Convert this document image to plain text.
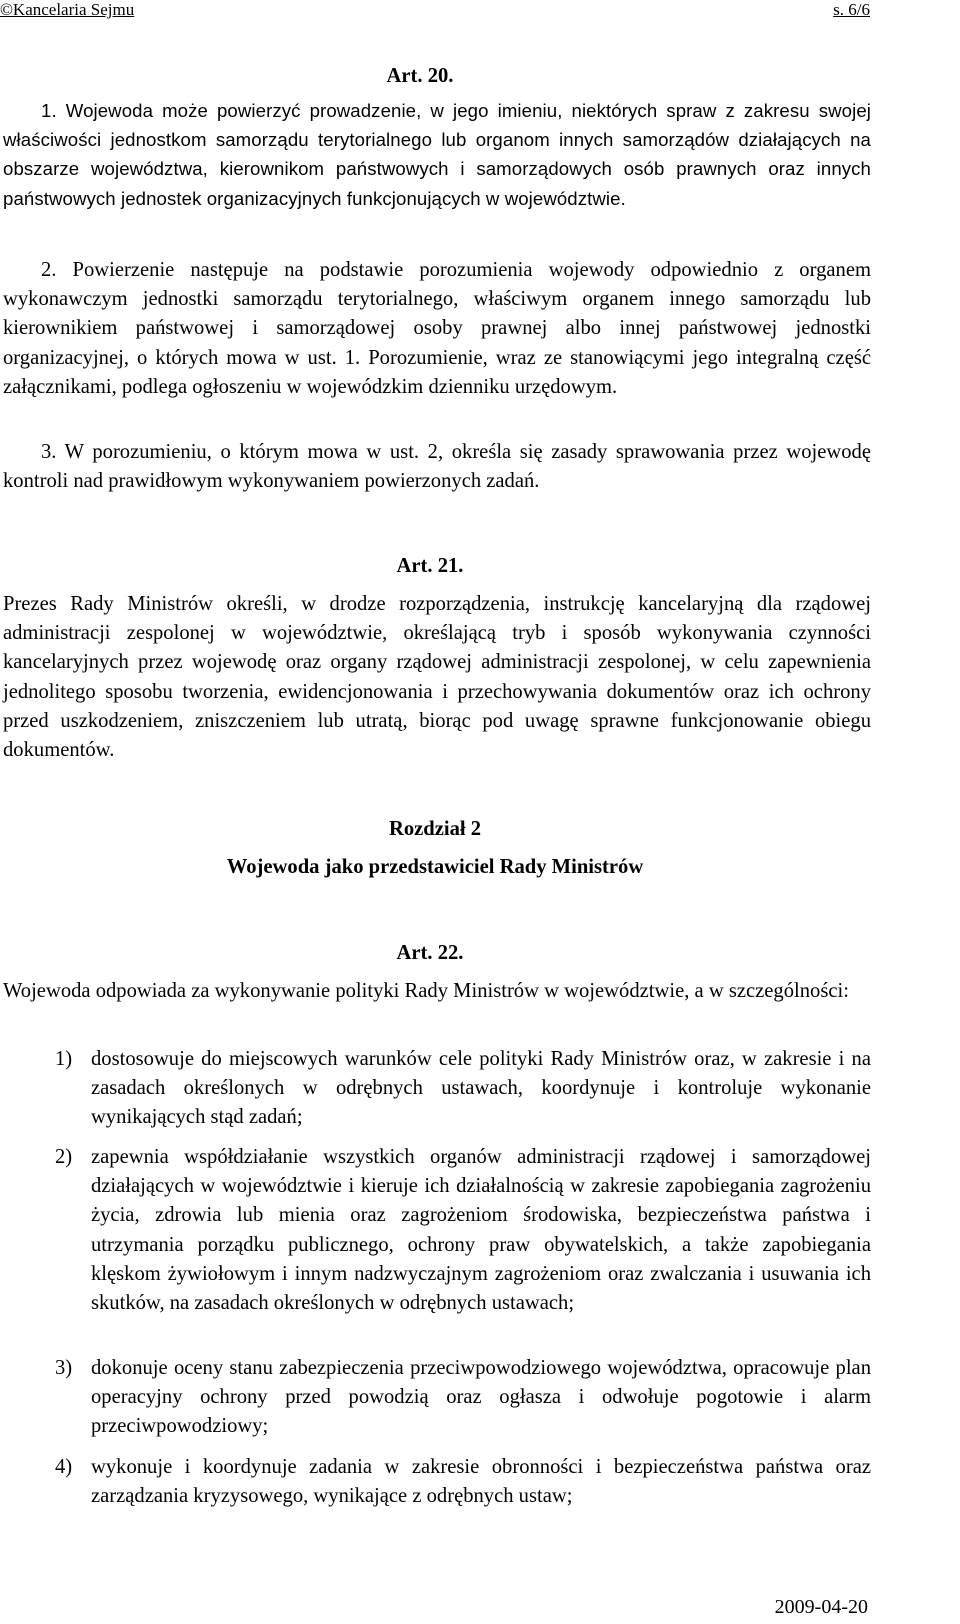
©Kancelaria Sejmu	s. 6/6
Art. 20.
1. Wojewoda może powierzyć prowadzenie, w jego imieniu, niektórych spraw z zakresu swojej właściwości jednostkom samorządu terytorialnego lub organom innych samorządów działających na obszarze województwa, kierownikom państwowych i samorządowych osób prawnych oraz innych państwowych jednostek organizacyjnych funkcjonujących w województwie.
2. Powierzenie następuje na podstawie porozumienia wojewody odpowiednio z organem wykonawczym jednostki samorządu terytorialnego, właściwym organem innego samorządu lub kierownikiem państwowej i samorządowej osoby prawnej albo innej państwowej jednostki organizacyjnej, o których mowa w ust. 1. Porozumienie, wraz ze stanowiącymi jego integralną część załącznikami, podlega ogłoszeniu w wojewódzkim dzienniku urzędowym.
3. W porozumieniu, o którym mowa w ust. 2, określa się zasady sprawowania przez wojewodę kontroli nad prawidłowym wykonywaniem powierzonych zadań.
Art. 21.
Prezes Rady Ministrów określi, w drodze rozporządzenia, instrukcję kancelaryjną dla rządowej administracji zespolonej w województwie, określającą tryb i sposób wykonywania czynności kancelaryjnych przez wojewodę oraz organy rządowej administracji zespolonej, w celu zapewnienia jednolitego sposobu tworzenia, ewidencjonowania i przechowywania dokumentów oraz ich ochrony przed uszkodzeniem, zniszczeniem lub utratą, biorąc pod uwagę sprawne funkcjonowanie obiegu dokumentów.
Rozdział 2
Wojewoda jako przedstawiciel Rady Ministrów
Art. 22.
Wojewoda odpowiada za wykonywanie polityki Rady Ministrów w województwie, a w szczególności:
1) dostosowuje do miejscowych warunków cele polityki Rady Ministrów oraz, w zakresie i na zasadach określonych w odrębnych ustawach, koordynuje i kontroluje wykonanie wynikających stąd zadań;
2) zapewnia współdziałanie wszystkich organów administracji rządowej i samorządowej działających w województwie i kieruje ich działalnością w zakresie zapobiegania zagrożeniu życia, zdrowia lub mienia oraz zagrożeniom środowiska, bezpieczeństwa państwa i utrzymania porządku publicznego, ochrony praw obywatelskich, a także zapobiegania klęskom żywiołowym i innym nadzwyczajnym zagrożeniom oraz zwalczania i usuwania ich skutków, na zasadach określonych w odrębnych ustawach;
3) dokonuje oceny stanu zabezpieczenia przeciwpowodziowego województwa, opracowuje plan operacyjny ochrony przed powodzią oraz ogłasza i odwołuje pogotowie i alarm przeciwpowodziowy;
4) wykonuje i koordynuje zadania w zakresie obronności i bezpieczeństwa państwa oraz zarządzania kryzysowego, wynikające z odrębnych ustaw;
2009-04-20
